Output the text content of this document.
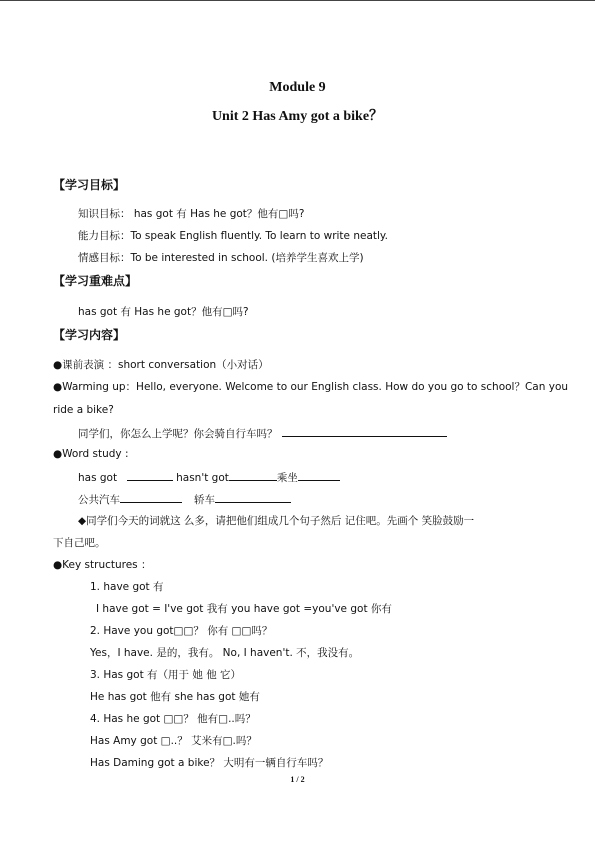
Module 9
Unit 2 Has Amy got a bike？
【学习目标】
知识目标： has got 有 Has he got？他有□吗?
能力目标：To speak English fluently. To learn to write neatly.
情感目标：To be interested in school. (培养学生喜欢上学)
【学习重难点】
has got 有 Has he got？他有□吗?
【学习内容】
●课前表演 ：short conversation（小对话）
●Warming up：Hello, everyone. Welcome to our English class. How do you go to school？Can you
ride a bike?
同学们，你怎么上学呢？你会骑自行车吗？
●Word study :
has got	hasn't got	乘坐
公共汽车	轿车
◆同学们今天的词就这 么多，请把他们组成几个句子然后 记住吧。先画个 笑脸鼓励一
下自己吧。
●Key structures ：
1. have got 有
I have got = I've got 我有 you have got =you've got 你有
2. Have you got□□？ 你有 □□吗？
Yes，I have. 是的，我有。 No, I haven't. 不，我没有。
3. Has got 有（用于 她 他 它）
He has got 他有 she has got 她有
4. Has he got □□？ 他有□..吗？
Has Amy got □..？ 艾米有□.吗？
Has Daming got a bike？ 大明有一辆自行车吗？
1 / 2
